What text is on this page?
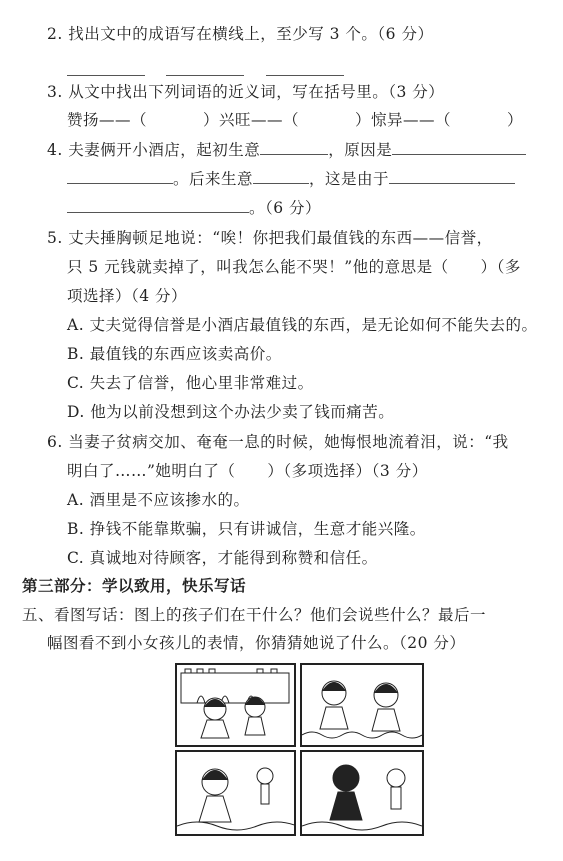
2. 找出文中的成语写在横线上，至少写 3 个。（6 分）

3. 从文中找出下列词语的近义词，写在括号里。（3 分）
赞扬——（	）兴旺——（	）惊异——（	）
4. 夫妻俩开小酒店，起初生意	，原因是
。后来生意	，这是由于
。（6 分）
5. 丈夫捶胸顿足地说：“唉！你把我们最值钱的东西——信誉，
只 5 元钱就卖掉了，叫我怎么能不哭！”他的意思是（　　）（多
项选择）（4 分）
A. 丈夫觉得信誉是小酒店最值钱的东西，是无论如何不能失去的。
B. 最值钱的东西应该卖高价。
C. 失去了信誉，他心里非常难过。
D. 他为以前没想到这个办法少卖了钱而痛苦。
6. 当妻子贫病交加、奄奄一息的时候，她悔恨地流着泪，说：“我
明白了……”她明白了（　　）（多项选择）（3 分）
A. 酒里是不应该掺水的。
B. 挣钱不能靠欺骗，只有讲诚信，生意才能兴隆。
C. 真诚地对待顾客，才能得到称赞和信任。
第三部分：学以致用，快乐写话
五、看图写话：图上的孩子们在干什么？他们会说些什么？最后一
幅图看不到小女孩儿的表情，你猜猜她说了什么。（20 分）
